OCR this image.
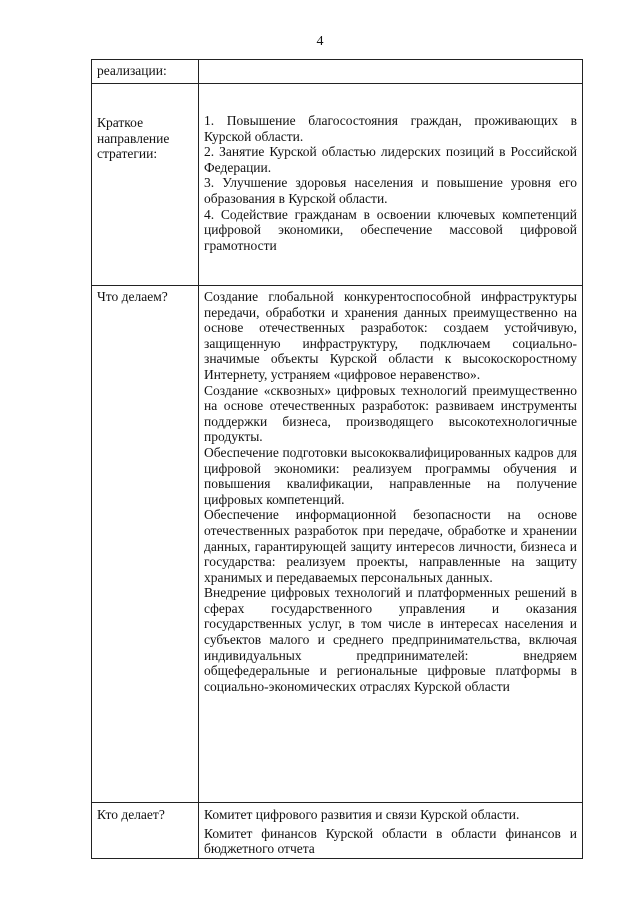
4
реализации:	
Краткое направление стратегии:	1. Повышение благосостояния граждан, проживающих в Курской области.

2. Занятие Курской областью лидерских позиций в Российской Федерации.

3. Улучшение здоровья населения и повышение уровня его образования в Курской области.

4. Содействие гражданам в освоении ключевых компетенций цифровой экономики, обеспечение массовой цифровой грамотности

Что делаем?	Создание глобальной конкурентоспособной инфраструктуры передачи, обработки и хранения данных преимущественно на основе отечественных разработок: создаем устойчивую, защищенную инфраструктуру, подключаем социально-значимые объекты Курской области к высокоскоростному Интернету, устраняем «цифровое неравенство».

Создание «сквозных» цифровых технологий преимущественно на основе отечественных разработок: развиваем инструменты поддержки бизнеса, производящего высокотехнологичные продукты.

Обеспечение подготовки высококвалифицированных кадров для цифровой экономики: реализуем программы обучения и повышения квалификации, направленные на получение цифровых компетенций.

Обеспечение информационной безопасности на основе отечественных разработок при передаче, обработке и хранении данных, гарантирующей защиту интересов личности, бизнеса и государства: реализуем проекты, направленные на защиту хранимых и передаваемых персональных данных.

Внедрение цифровых технологий и платформенных решений в сферах государственного управления и оказания государственных услуг, в том числе в интересах населения и субъектов малого и среднего предпринимательства, включая индивидуальных предпринимателей: внедряем общефедеральные и региональные цифровые платформы в социально-экономических отраслях Курской области

Кто делает?	Комитет цифрового развития и связи Курской области.

Комитет финансов Курской области в области финансов и бюджетного отчета
